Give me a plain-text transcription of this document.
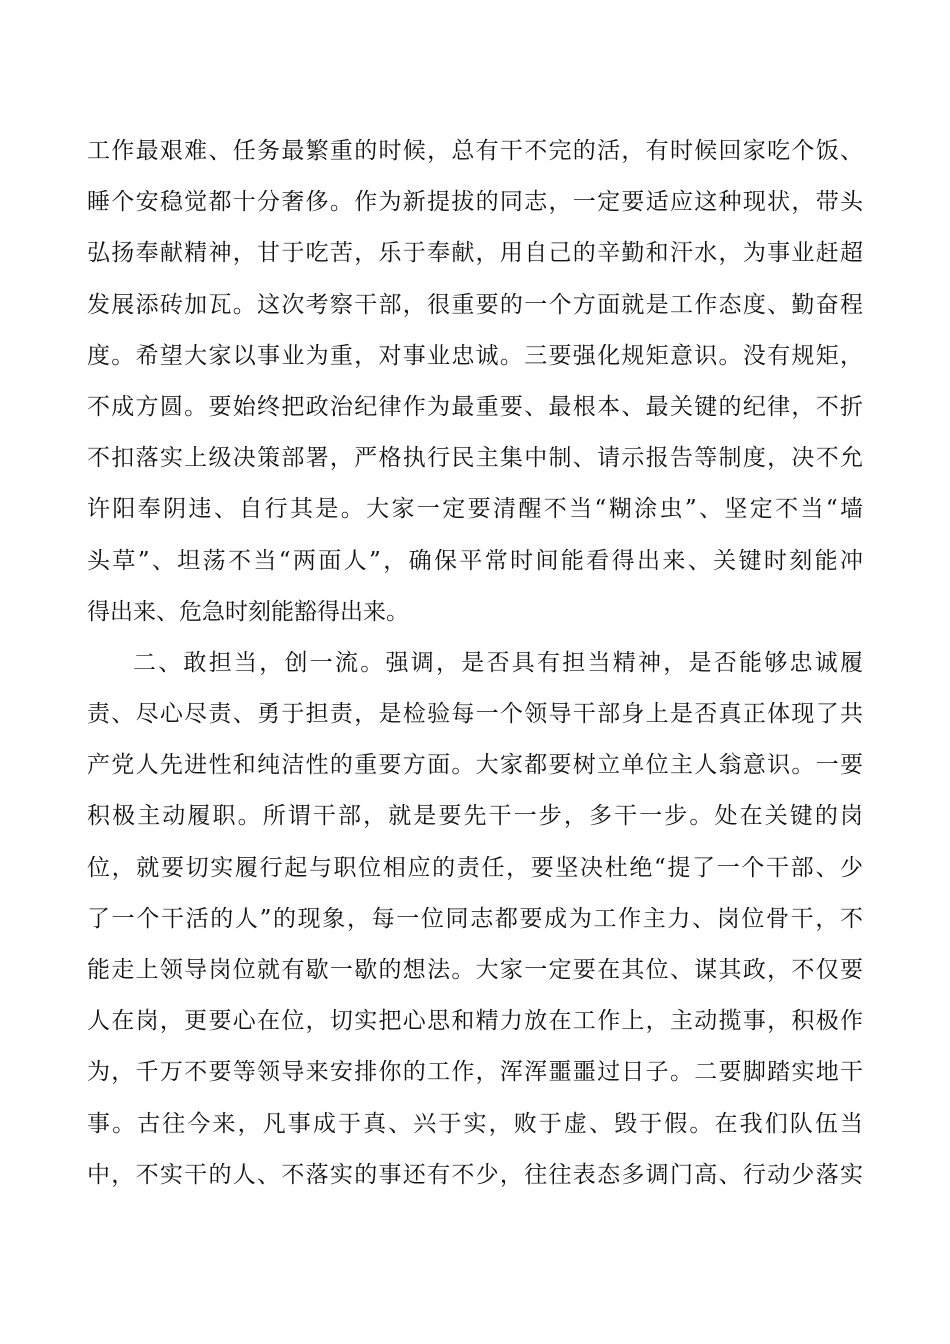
工作最艰难、任务最繁重的时候，总有干不完的活，有时候回家吃个饭、
睡个安稳觉都十分奢侈。作为新提拔的同志，一定要适应这种现状，带头
弘扬奉献精神，甘于吃苦，乐于奉献，用自己的辛勤和汗水，为事业赶超
发展添砖加瓦。这次考察干部，很重要的一个方面就是工作态度、勤奋程
度。希望大家以事业为重，对事业忠诚。三要强化规矩意识。没有规矩，
不成方圆。要始终把政治纪律作为最重要、最根本、最关键的纪律，不折
不扣落实上级决策部署，严格执行民主集中制、请示报告等制度，决不允
许阳奉阴违、自行其是。大家一定要清醒不当“糊涂虫”、坚定不当“墙
头草”、坦荡不当“两面人”，确保平常时间能看得出来、关键时刻能冲
得出来、危急时刻能豁得出来。
二、敢担当，创一流。强调，是否具有担当精神，是否能够忠诚履
责、尽心尽责、勇于担责，是检验每一个领导干部身上是否真正体现了共
产党人先进性和纯洁性的重要方面。大家都要树立单位主人翁意识。一要
积极主动履职。所谓干部，就是要先干一步，多干一步。处在关键的岗
位，就要切实履行起与职位相应的责任，要坚决杜绝“提了一个干部、少
了一个干活的人”的现象，每一位同志都要成为工作主力、岗位骨干，不
能走上领导岗位就有歇一歇的想法。大家一定要在其位、谋其政，不仅要
人在岗，更要心在位，切实把心思和精力放在工作上，主动揽事，积极作
为，千万不要等领导来安排你的工作，浑浑噩噩过日子。二要脚踏实地干
事。古往今来，凡事成于真、兴于实，败于虚、毁于假。在我们队伍当
中，不实干的人、不落实的事还有不少，往往表态多调门高、行动少落实
